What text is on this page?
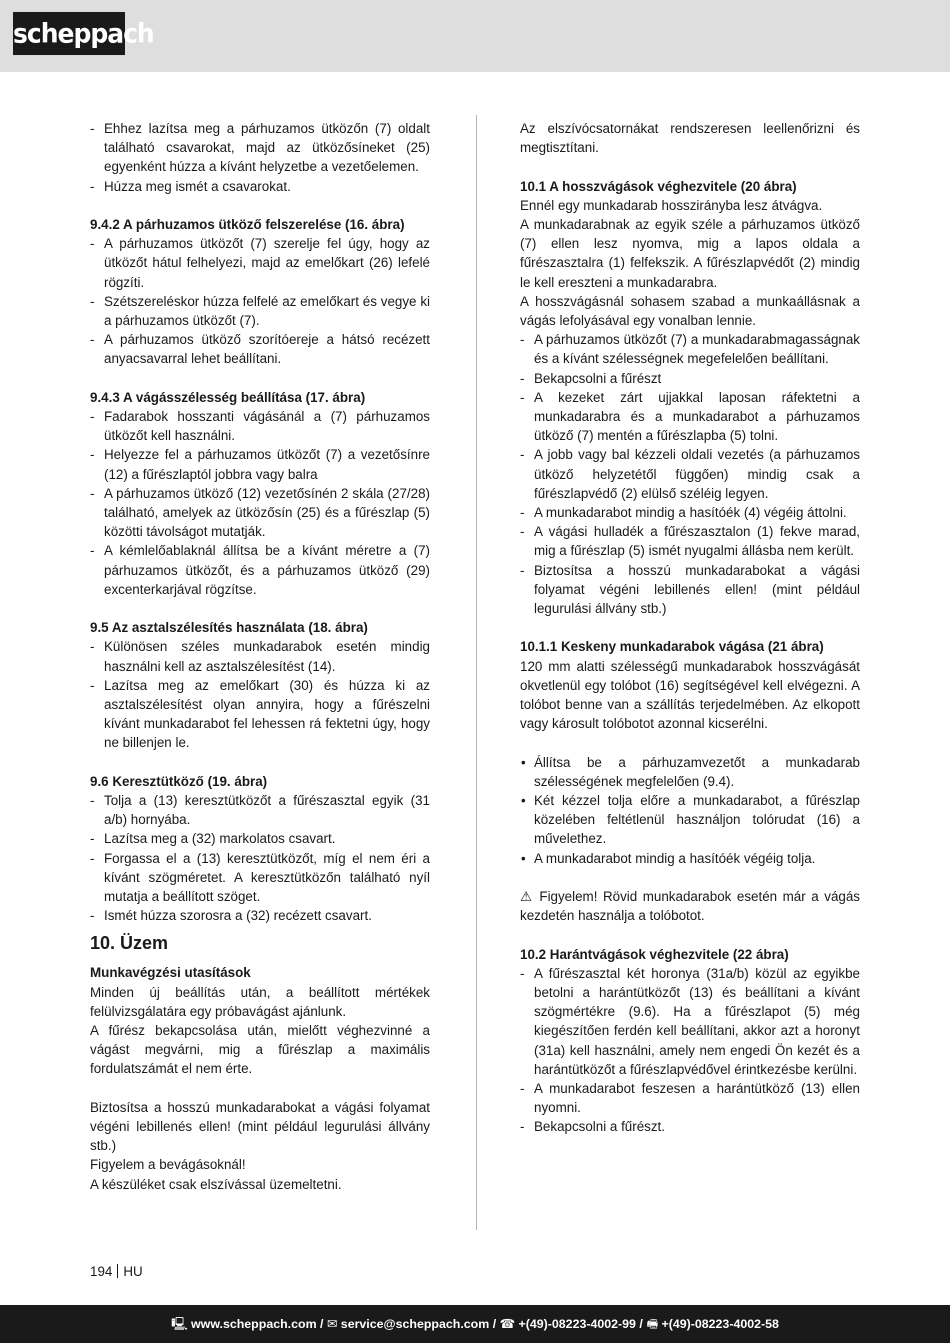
scheppach
- Ehhez lazítsa meg a párhuzamos ütközőn (7) oldalt található csavarokat, majd az ütközősíneket (25) egyenként húzza a kívánt helyzetbe a vezetőelemen.
- Húzza meg ismét a csavarokat.

9.4.2 A párhuzamos ütköző felszerelése (16. ábra)

- A párhuzamos ütközőt (7) szerelje fel úgy, hogy az ütközőt hátul felhelyezi, majd az emelőkart (26) lefelé rögzíti.
- Szétszereléskor húzza felfelé az emelőkart és vegye ki a párhuzamos ütközőt (7).
- A párhuzamos ütköző szorítóereje a hátsó recézett anyacsavarral lehet beállítani.

9.4.3 A vágásszélesség beállítása (17. ábra)

- Fadarabok hosszanti vágásánál a (7) párhuzamos ütközőt kell használni.
- Helyezze fel a párhuzamos ütközőt (7) a vezetősínre (12) a fűrészlaptól jobbra vagy balra
- A párhuzamos ütköző (12) vezetősínén 2 skála (27/28) található, amelyek az ütközősín (25) és a fűrészlap (5) közötti távolságot mutatják.
- A kémlelőablaknál állítsa be a kívánt méretre a (7) párhuzamos ütközőt, és a párhuzamos ütköző (29) excenterkarjával rögzítse.

9.5 Az asztalszélesítés használata (18. ábra)

- Különösen széles munkadarabok esetén mindig használni kell az asztalszélesítést (14).
- Lazítsa meg az emelőkart (30) és húzza ki az asztalszélesítést olyan annyira, hogy a fűrészelni kívánt munkadarabot fel lehessen rá fektetni úgy, hogy ne billenjen le.

9.6 Keresztütköző (19. ábra)

- Tolja a (13) keresztütközőt a fűrészasztal egyik (31 a/b) hornyába.
- Lazítsa meg a (32) markolatos csavart.
- Forgassa el a (13) keresztütközőt, míg el nem éri a kívánt szögméretet. A keresztütközőn található nyíl mutatja a beállított szöget.
- Ismét húzza szorosra a (32) recézett csavart.

10. Üzem

Munkavégzési utasítások

Minden új beállítás után, a beállított mértékek felülvizsgálatára egy próbavágást ajánlunk.

A fűrész bekapcsolása után, mielőtt véghezvinné a vágást megvárni, mig a fűrészlap a maximális fordulatszámát el nem érte.

Biztosítsa a hosszú munkadarabokat a vágási folyamat végéni lebillenés ellen! (mint például legurulási állvány stb.)

Figyelem a bevágásoknál!

A készüléket csak elszívással üzemeltetni.

Az elszívócsatornákat rendszeresen leellenőrizni és megtisztítani.

10.1 A hosszvágások véghezvitele (20 ábra)

Ennél egy munkadarab hosszirányba lesz átvágva.

A munkadarabnak az egyik széle a párhuzamos ütköző (7) ellen lesz nyomva, mig a lapos oldala a fűrészasztalra (1) felfekszik. A fűrészlapvédőt (2) mindig le kell ereszteni a munkadarabra.

A hosszvágásnál sohasem szabad a munkaállásnak a vágás lefolyásával egy vonalban lennie.

- A párhuzamos ütközőt (7) a munkadarabmagasságnak és a kívánt szélességnek megefelelően beállítani.
- Bekapcsolni a fűrészt
- A kezeket zárt ujjakkal laposan ráfektetni a munkadarabra és a munkadarabot a párhuzamos ütköző (7) mentén a fűrészlapba (5) tolni.
- A jobb vagy bal kézzeli oldali vezetés (a párhuzamos ütköző helyzetétől függően) mindig csak a fűrészlapvédő (2) elülső széléig legyen.
- A munkadarabot mindig a hasítóék (4) végéig áttolni.
- A vágási hulladék a fűrészasztalon (1) fekve marad, mig a fűrészlap (5) ismét nyugalmi állásba nem került.
- Biztosítsa a hosszú munkadarabokat a vágási folyamat végéni lebillenés ellen! (mint például legurulási állvány stb.)

10.1.1 Keskeny munkadarabok vágása (21 ábra)

120 mm alatti szélességű munkadarabok hosszvágását okvetlenül egy tolóbot (16) segítségével kell elvégezni. A tolóbot benne van a szállítás terjedelmében. Az elkopott vagy károsult tolóbotot azonnal kicserélni.

• Állítsa be a párhuzamvezetőt a munkadarab szélességének megfelelően (9.4).
• Két kézzel tolja előre a munkadarabot, a fűrészlap közelében feltétlenül használjon tolórudat (16) a művelethez.
• A munkadarabot mindig a hasítóék végéig tolja.

⚠ Figyelem! Rövid munkadarabok esetén már a vágás kezdetén használja a tolóbotot.

10.2 Harántvágások véghezvitele (22 ábra)

- A fűrészasztal két horonya (31a/b) közül az egyikbe betolni a harántütközőt (13) és beállítani a kívánt szögmértékre (9.6). Ha a fűrészlapot (5) még kiegészítően ferdén kell beállítani, akkor azt a horonyt (31a) kell használni, amely nem engedi Ön kezét és a harántütközőt a fűrészlapvédővel érintkezésbe kerülni.
- A munkadarabot feszesen a harántütköző (13) ellen nyomni.
- Bekapcsolni a fűrészt.
194 HU
🖳 www.scheppach.com / ✉ service@scheppach.com / ☎ +(49)-08223-4002-99 / 🖷 +(49)-08223-4002-58
